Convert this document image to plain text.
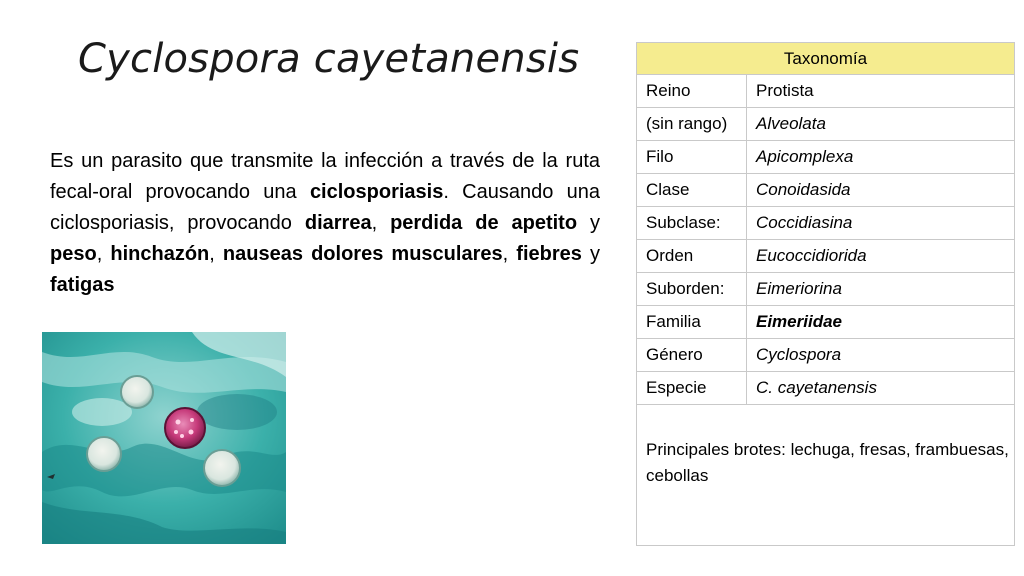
Cyclospora cayetanensis

Es un parasito que transmite la infección a través de la ruta fecal-oral provocando una ciclosporiasis. Causando una ciclosporiasis, provocando diarrea, perdida de apetito y peso, hinchazón, nauseas dolores musculares, fiebres y fatigas

Taxonomía	
Reino	Protista
(sin rango)	Alveolata
Filo	Apicomplexa
Clase	Conoidasida
Subclase:	Coccidiasina
Orden	Eucoccidiorida
Suborden:	Eimeriorina
Familia	Eimeriidae
Género	Cyclospora
Especie	C. cayetanensis
Principales brotes: lechuga, fresas, frambuesas, cebollas	
